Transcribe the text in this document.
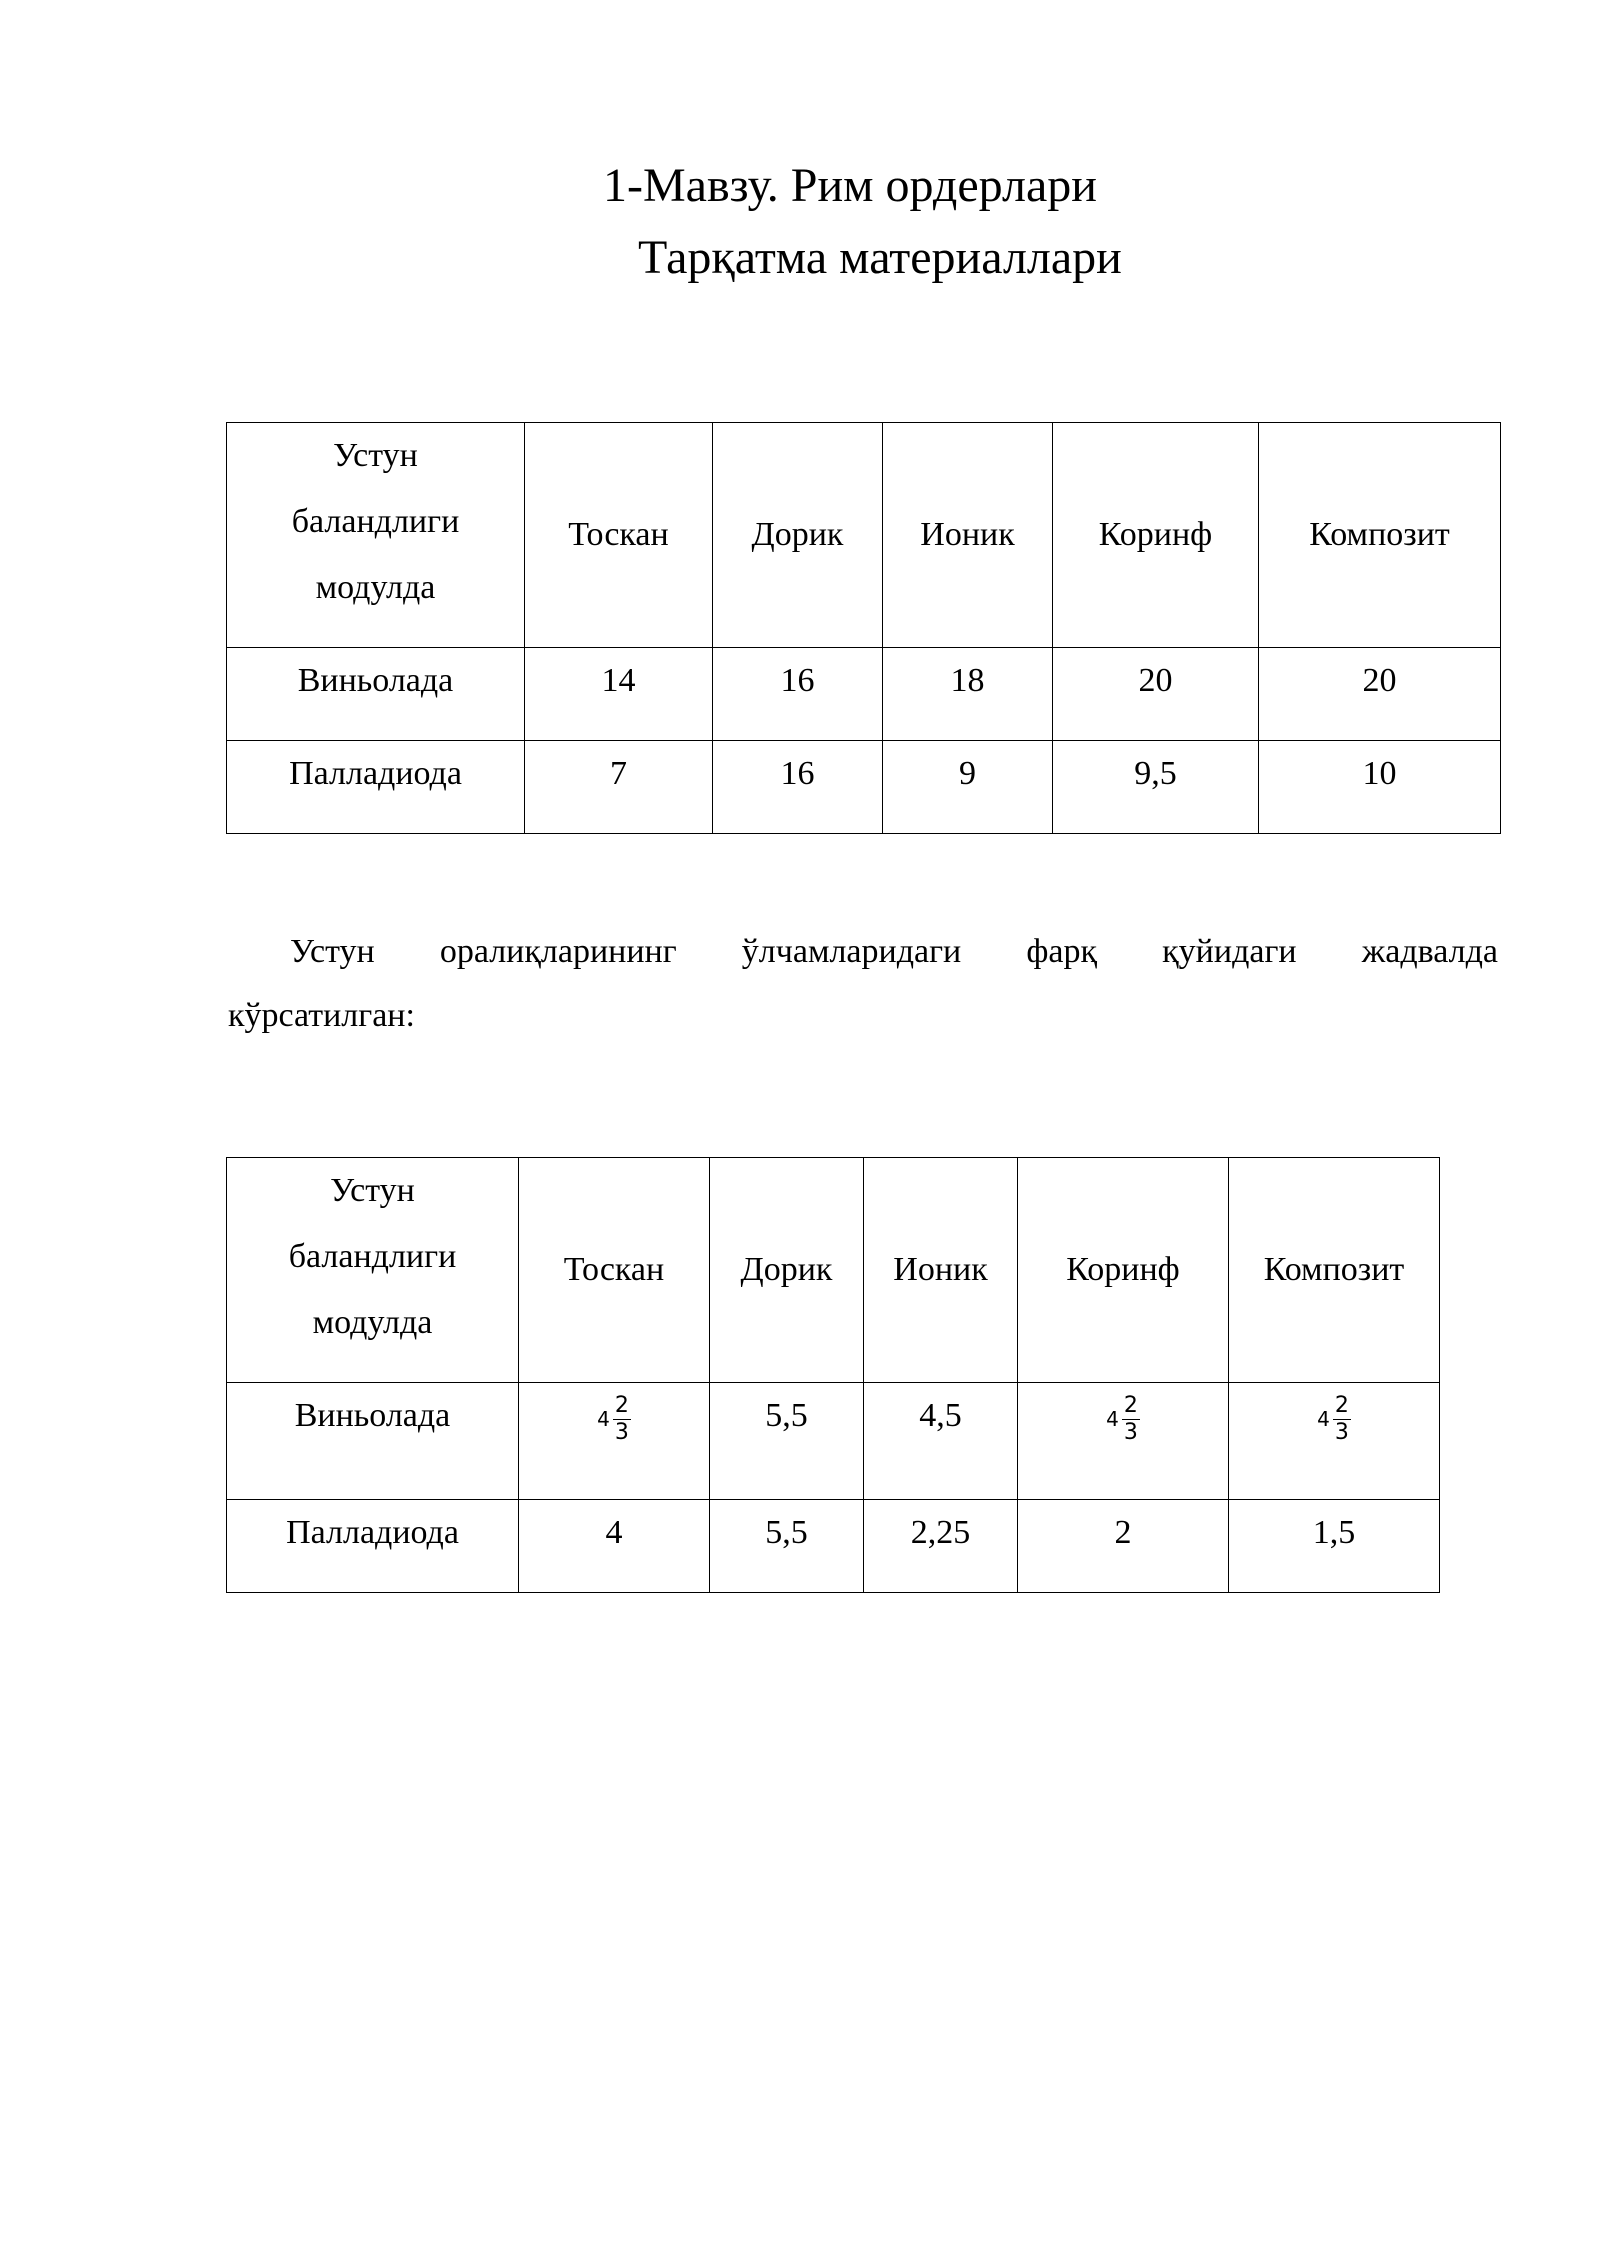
1-Мавзу. Рим ордерлари
Тарқатма материаллари
Устун
баландлиги
модулда	Тоскан	Дорик	Ионик	Коринф	Композит

Виньолада	14	16	18	20	20
Палладиода	7	16	9	9,5	10
Устун оралиқларининг ўлчамларидаги фарқ қуйидаги жадвалда
кўрсатилган:
Устун
баландлиги
модулда	Тоскан	Дорик	Ионик	Коринф	Композит

Виньолада	$4 \frac{2}{3}$	5,5	4,5	$4 \frac{2}{3}$	$4 \frac{2}{3}$

Палладиода	4	5,5	2,25	2	1,5
